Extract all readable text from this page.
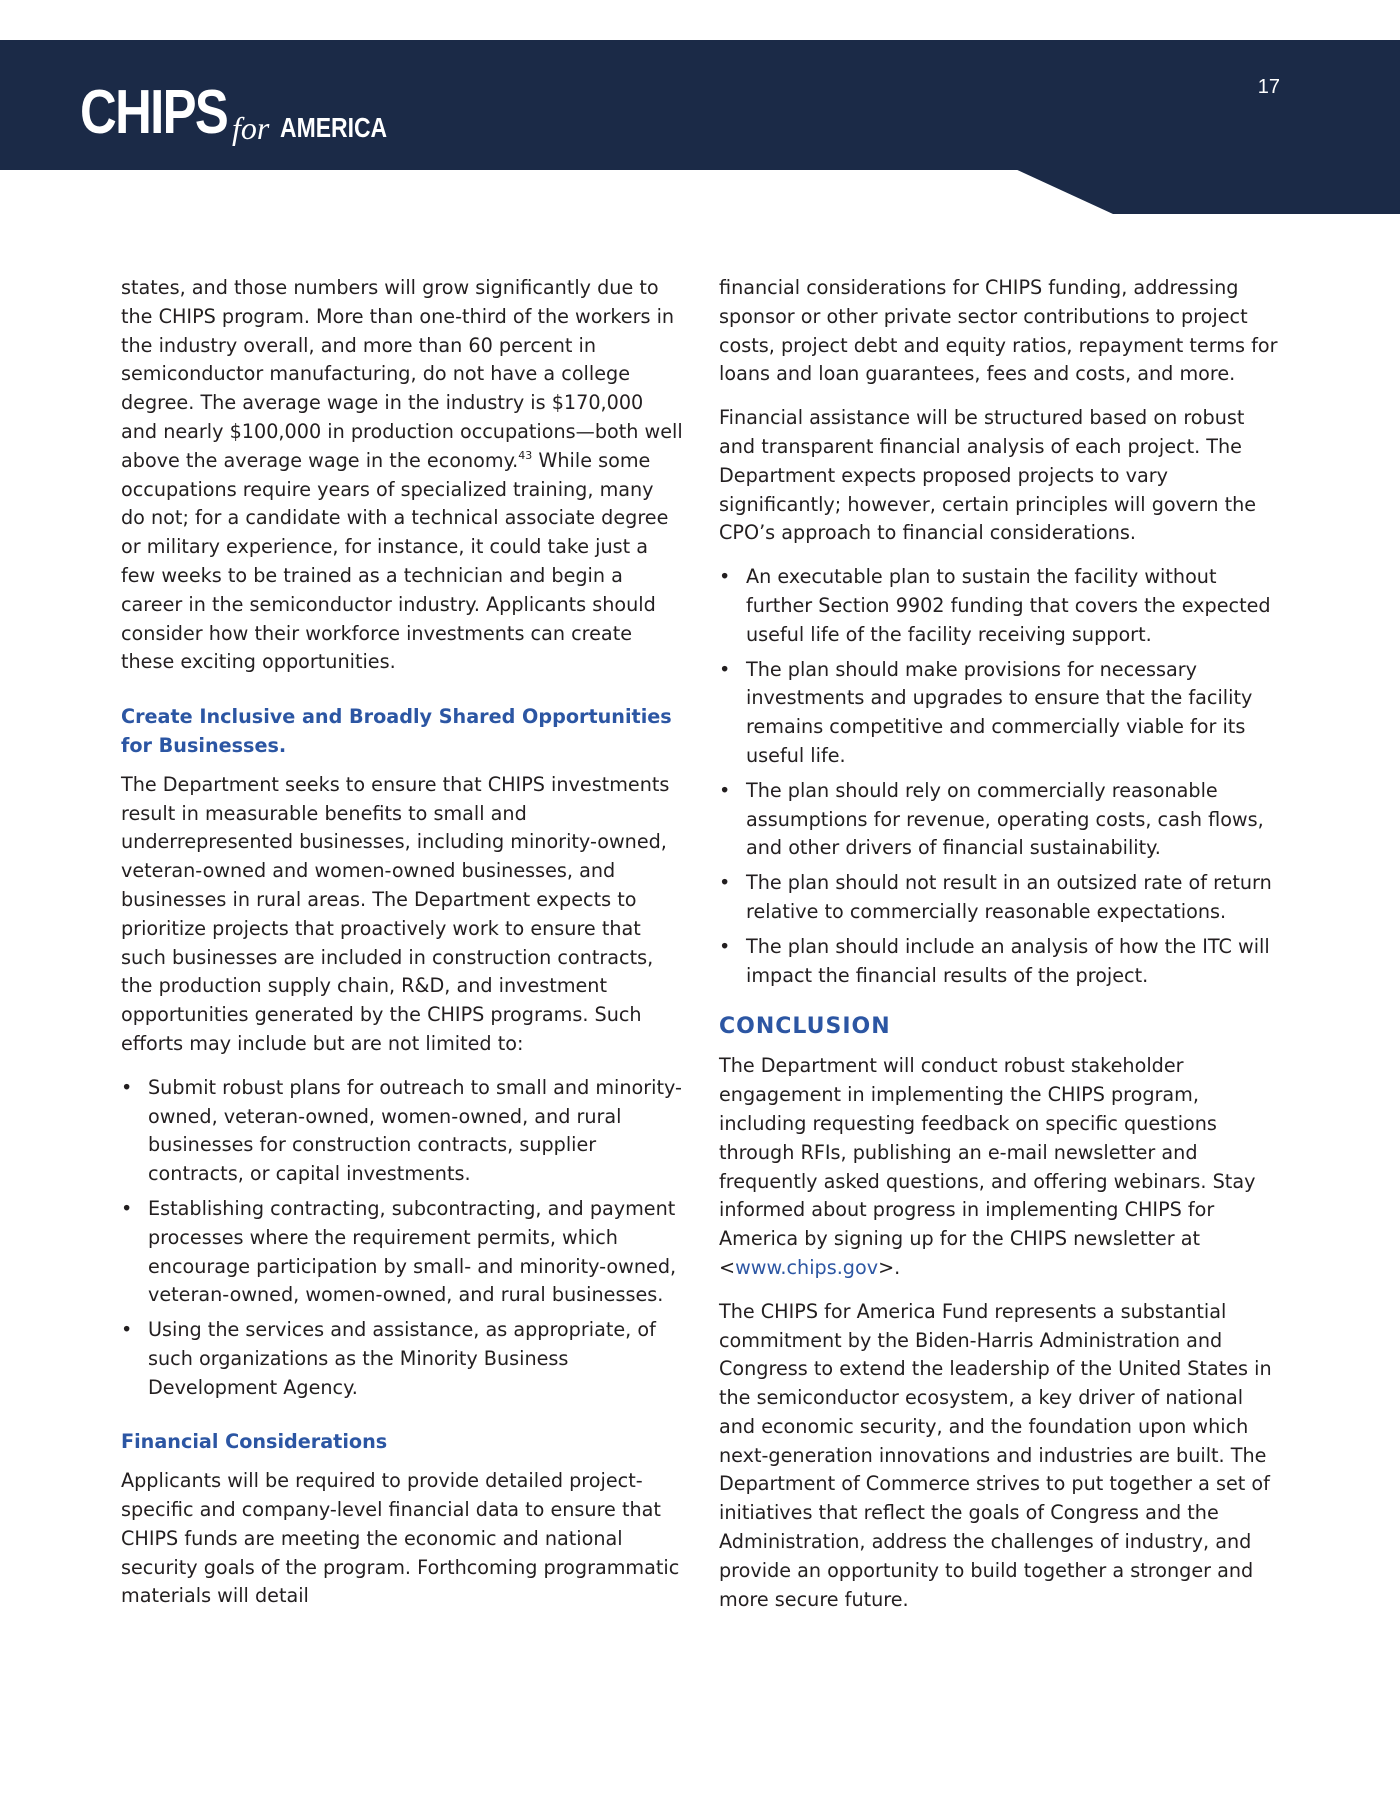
CHIPS for AMERICA
17

states, and those numbers will grow significantly due to the CHIPS program. More than one-third of the workers in the industry overall, and more than 60 percent in semiconductor manufacturing, do not have a college degree. The average wage in the industry is $170,000 and nearly $100,000 in production occupations—both well above the average wage in the economy.$^{43}$ While some occupations require years of specialized training, many do not; for a candidate with a technical associate degree or military experience, for instance, it could take just a few weeks to be trained as a technician and begin a career in the semiconductor industry. Applicants should consider how their workforce investments can create these exciting opportunities.

Create Inclusive and Broadly Shared Opportunities for Businesses.

The Department seeks to ensure that CHIPS investments result in measurable benefits to small and underrepresented businesses, including minority-owned, veteran-owned and women-owned businesses, and businesses in rural areas. The Department expects to prioritize projects that proactively work to ensure that such businesses are included in construction contracts, the production supply chain, R&D, and investment opportunities generated by the CHIPS programs. Such efforts may include but are not limited to:

• Submit robust plans for outreach to small and minority-owned, veteran-owned, women-owned, and rural businesses for construction contracts, supplier contracts, or capital investments.
• Establishing contracting, subcontracting, and payment processes where the requirement permits, which encourage participation by small- and minority-owned, veteran-owned, women-owned, and rural businesses.
• Using the services and assistance, as appropriate, of such organizations as the Minority Business Development Agency.
Financial Considerations

Applicants will be required to provide detailed project-specific and company-level financial data to ensure that CHIPS funds are meeting the economic and national security goals of the program. Forthcoming programmatic materials will detail

financial considerations for CHIPS funding, addressing sponsor or other private sector contributions to project costs, project debt and equity ratios, repayment terms for loans and loan guarantees, fees and costs, and more.

Financial assistance will be structured based on robust and transparent financial analysis of each project. The Department expects proposed projects to vary significantly; however, certain principles will govern the CPO’s approach to financial considerations.

• An executable plan to sustain the facility without further Section 9902 funding that covers the expected useful life of the facility receiving support.
• The plan should make provisions for necessary investments and upgrades to ensure that the facility remains competitive and commercially viable for its useful life.
• The plan should rely on commercially reasonable assumptions for revenue, operating costs, cash flows, and other drivers of financial sustainability.
• The plan should not result in an outsized rate of return relative to commercially reasonable expectations.
• The plan should include an analysis of how the ITC will impact the financial results of the project.
CONCLUSION

The Department will conduct robust stakeholder engagement in implementing the CHIPS program, including requesting feedback on specific questions through RFIs, publishing an e-mail newsletter and frequently asked questions, and offering webinars. Stay informed about progress in implementing CHIPS for America by signing up for the CHIPS newsletter at <www.chips.gov>.

The CHIPS for America Fund represents a substantial commitment by the Biden-Harris Administration and Congress to extend the leadership of the United States in the semiconductor ecosystem, a key driver of national and economic security, and the foundation upon which next-generation innovations and industries are built. The Department of Commerce strives to put together a set of initiatives that reflect the goals of Congress and the Administration, address the challenges of industry, and provide an opportunity to build together a stronger and more secure future.
